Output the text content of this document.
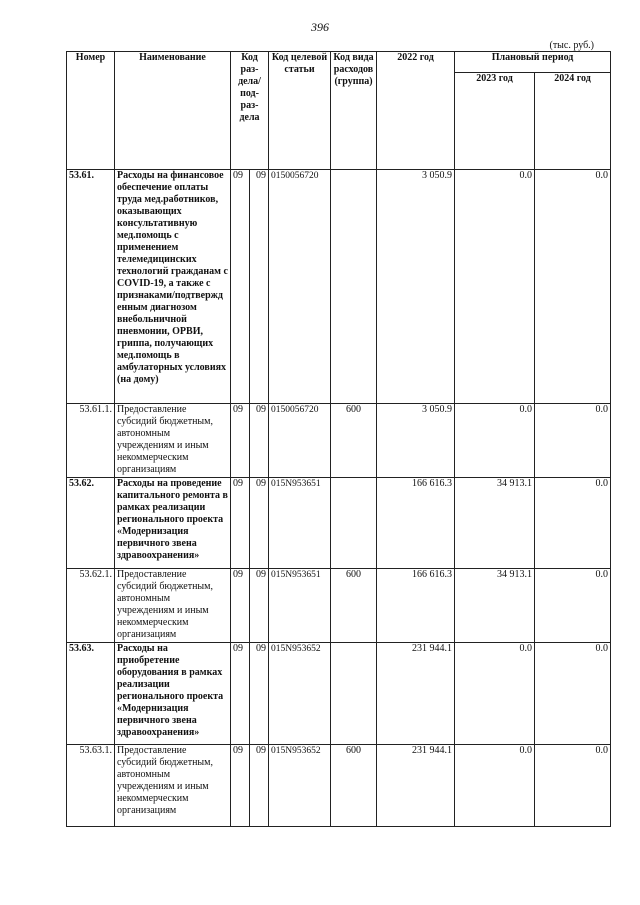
396
(тыс. руб.)
Номер	Наименование	Код раз-дела/ под-раз-дела		Код целевой статьи	Код вида расходов (группа)	2022 год	Плановый период	
							2023 год	2024 год
53.61.	Расходы на финансовое обеспечение оплаты труда мед.работников, оказывающих консультативную мед.помощь с применением телемедицинских технологий гражданам с COVID-19, а также с признаками/подтвержд енным диагнозом внебольничной пневмонии, ОРВИ, гриппа, получающих мед.помощь в амбулаторных условиях (на дому)	09	09	0150056720		3 050.9	0.0	0.0
53.61.1.	Предоставление субсидий бюджетным, автономным учреждениям и иным некоммерческим организациям	09	09	0150056720	600	3 050.9	0.0	0.0
53.62.	Расходы на проведение капитального ремонта в рамках реализации регионального проекта «Модернизация первичного звена здравоохранения»	09	09	015N953651		166 616.3	34 913.1	0.0
53.62.1.	Предоставление субсидий бюджетным, автономным учреждениям и иным некоммерческим организациям	09	09	015N953651	600	166 616.3	34 913.1	0.0
53.63.	Расходы на приобретение оборудования в рамках реализации регионального проекта «Модернизация первичного звена здравоохранения»	09	09	015N953652		231 944.1	0.0	0.0
53.63.1.	Предоставление субсидий бюджетным, автономным учреждениям и иным некоммерческим организациям	09	09	015N953652	600	231 944.1	0.0	0.0
